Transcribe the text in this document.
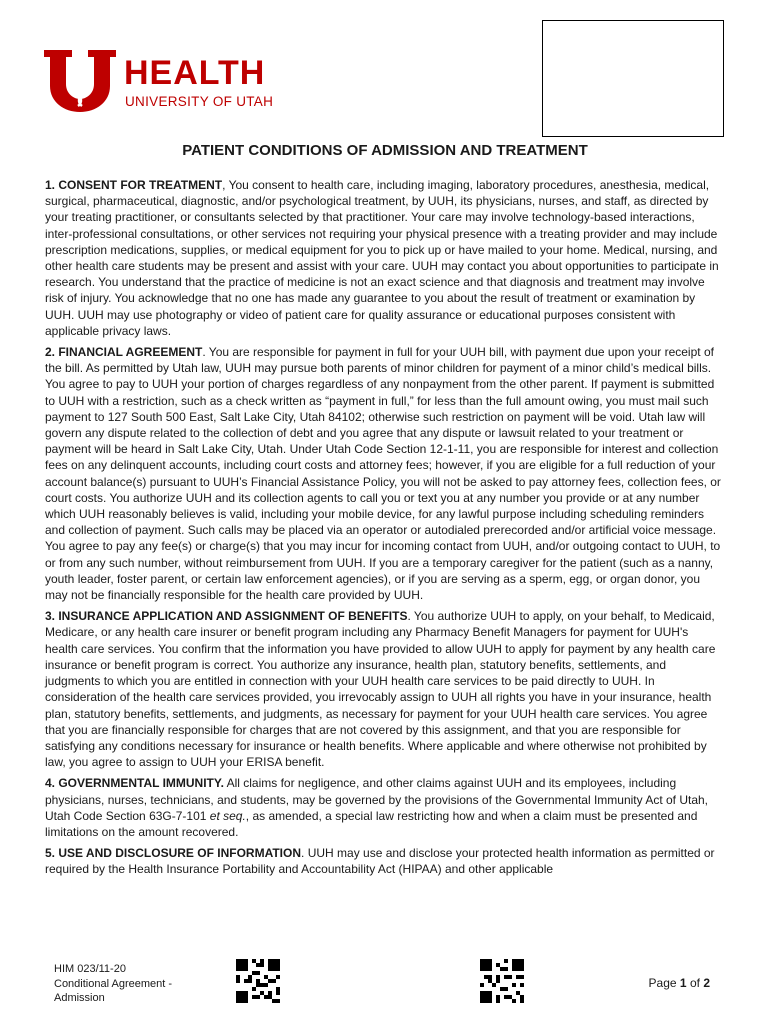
HEALTH
UNIVERSITY OF UTAH
PATIENT CONDITIONS OF ADMISSION AND TREATMENT

1. CONSENT FOR TREATMENT, You consent to health care, including imaging, laboratory procedures, anesthesia, medical, surgical, pharmaceutical, diagnostic, and/or psychological treatment, by UUH, its physicians, nurses, and staff, as directed by your treating practitioner, or consultants selected by that practitioner. Your care may involve technology-based interactions, inter-professional consultations, or other services not requiring your physical presence with a treating provider and may include prescription medications, supplies, or medical equipment for you to pick up or have mailed to your home. Medical, nursing, and other health care students may be present and assist with your care. UUH may contact you about opportunities to participate in research. You understand that the practice of medicine is not an exact science and that diagnosis and treatment may involve risk of injury. You acknowledge that no one has made any guarantee to you about the result of treatment or examination by UUH. UUH may use photography or video of patient care for quality assurance or educational purposes consistent with applicable privacy laws.

2. FINANCIAL AGREEMENT. You are responsible for payment in full for your UUH bill, with payment due upon your receipt of the bill. As permitted by Utah law, UUH may pursue both parents of minor children for payment of a minor child’s medical bills. You agree to pay to UUH your portion of charges regardless of any nonpayment from the other parent. If payment is submitted to UUH with a restriction, such as a check written as “payment in full,” for less than the full amount owing, you must mail such payment to 127 South 500 East, Salt Lake City, Utah 84102; otherwise such restriction on payment will be void. Utah law will govern any dispute related to the collection of debt and you agree that any dispute or lawsuit related to your treatment or payment will be heard in Salt Lake City, Utah. Under Utah Code Section 12-1-11, you are responsible for interest and collection fees on any delinquent accounts, including court costs and attorney fees; however, if you are eligible for a full reduction of your account balance(s) pursuant to UUH’s Financial Assistance Policy, you will not be asked to pay attorney fees, collection fees, or court costs. You authorize UUH and its collection agents to call you or text you at any number you provide or at any number which UUH reasonably believes is valid, including your mobile device, for any lawful purpose including scheduling reminders and collection of payment. Such calls may be placed via an operator or autodialed prerecorded and/or artificial voice message. You agree to pay any fee(s) or charge(s) that you may incur for incoming contact from UUH, and/or outgoing contact to UUH, to or from any such number, without reimbursement from UUH. If you are a temporary caregiver for the patient (such as a nanny, youth leader, foster parent, or certain law enforcement agencies), or if you are serving as a sperm, egg, or organ donor, you may not be financially responsible for the health care provided by UUH.

3. INSURANCE APPLICATION AND ASSIGNMENT OF BENEFITS. You authorize UUH to apply, on your behalf, to Medicaid, Medicare, or any health care insurer or benefit program including any Pharmacy Benefit Managers for payment for UUH's health care services. You confirm that the information you have provided to allow UUH to apply for payment by any health care insurance or benefit program is correct. You authorize any insurance, health plan, statutory benefits, settlements, and judgments to which you are entitled in connection with your UUH health care services to be paid directly to UUH. In consideration of the health care services provided, you irrevocably assign to UUH all rights you have in your insurance, health plan, statutory benefits, settlements, and judgments, as necessary for payment for your UUH health care services. You agree that you are financially responsible for charges that are not covered by this assignment, and that you are responsible for satisfying any conditions necessary for insurance or health benefits. Where applicable and where otherwise not prohibited by law, you agree to assign to UUH your ERISA benefit.

4. GOVERNMENTAL IMMUNITY. All claims for negligence, and other claims against UUH and its employees, including physicians, nurses, technicians, and students, may be governed by the provisions of the Governmental Immunity Act of Utah, Utah Code Section 63G-7-101 et seq., as amended, a special law restricting how and when a claim must be presented and limitations on the amount recovered.

5. USE AND DISCLOSURE OF INFORMATION. UUH may use and disclose your protected health information as permitted or required by the Health Insurance Portability and Accountability Act (HIPAA) and other applicable

HIM 023/11-20
Conditional Agreement -
Admission
Page 1 of 2
